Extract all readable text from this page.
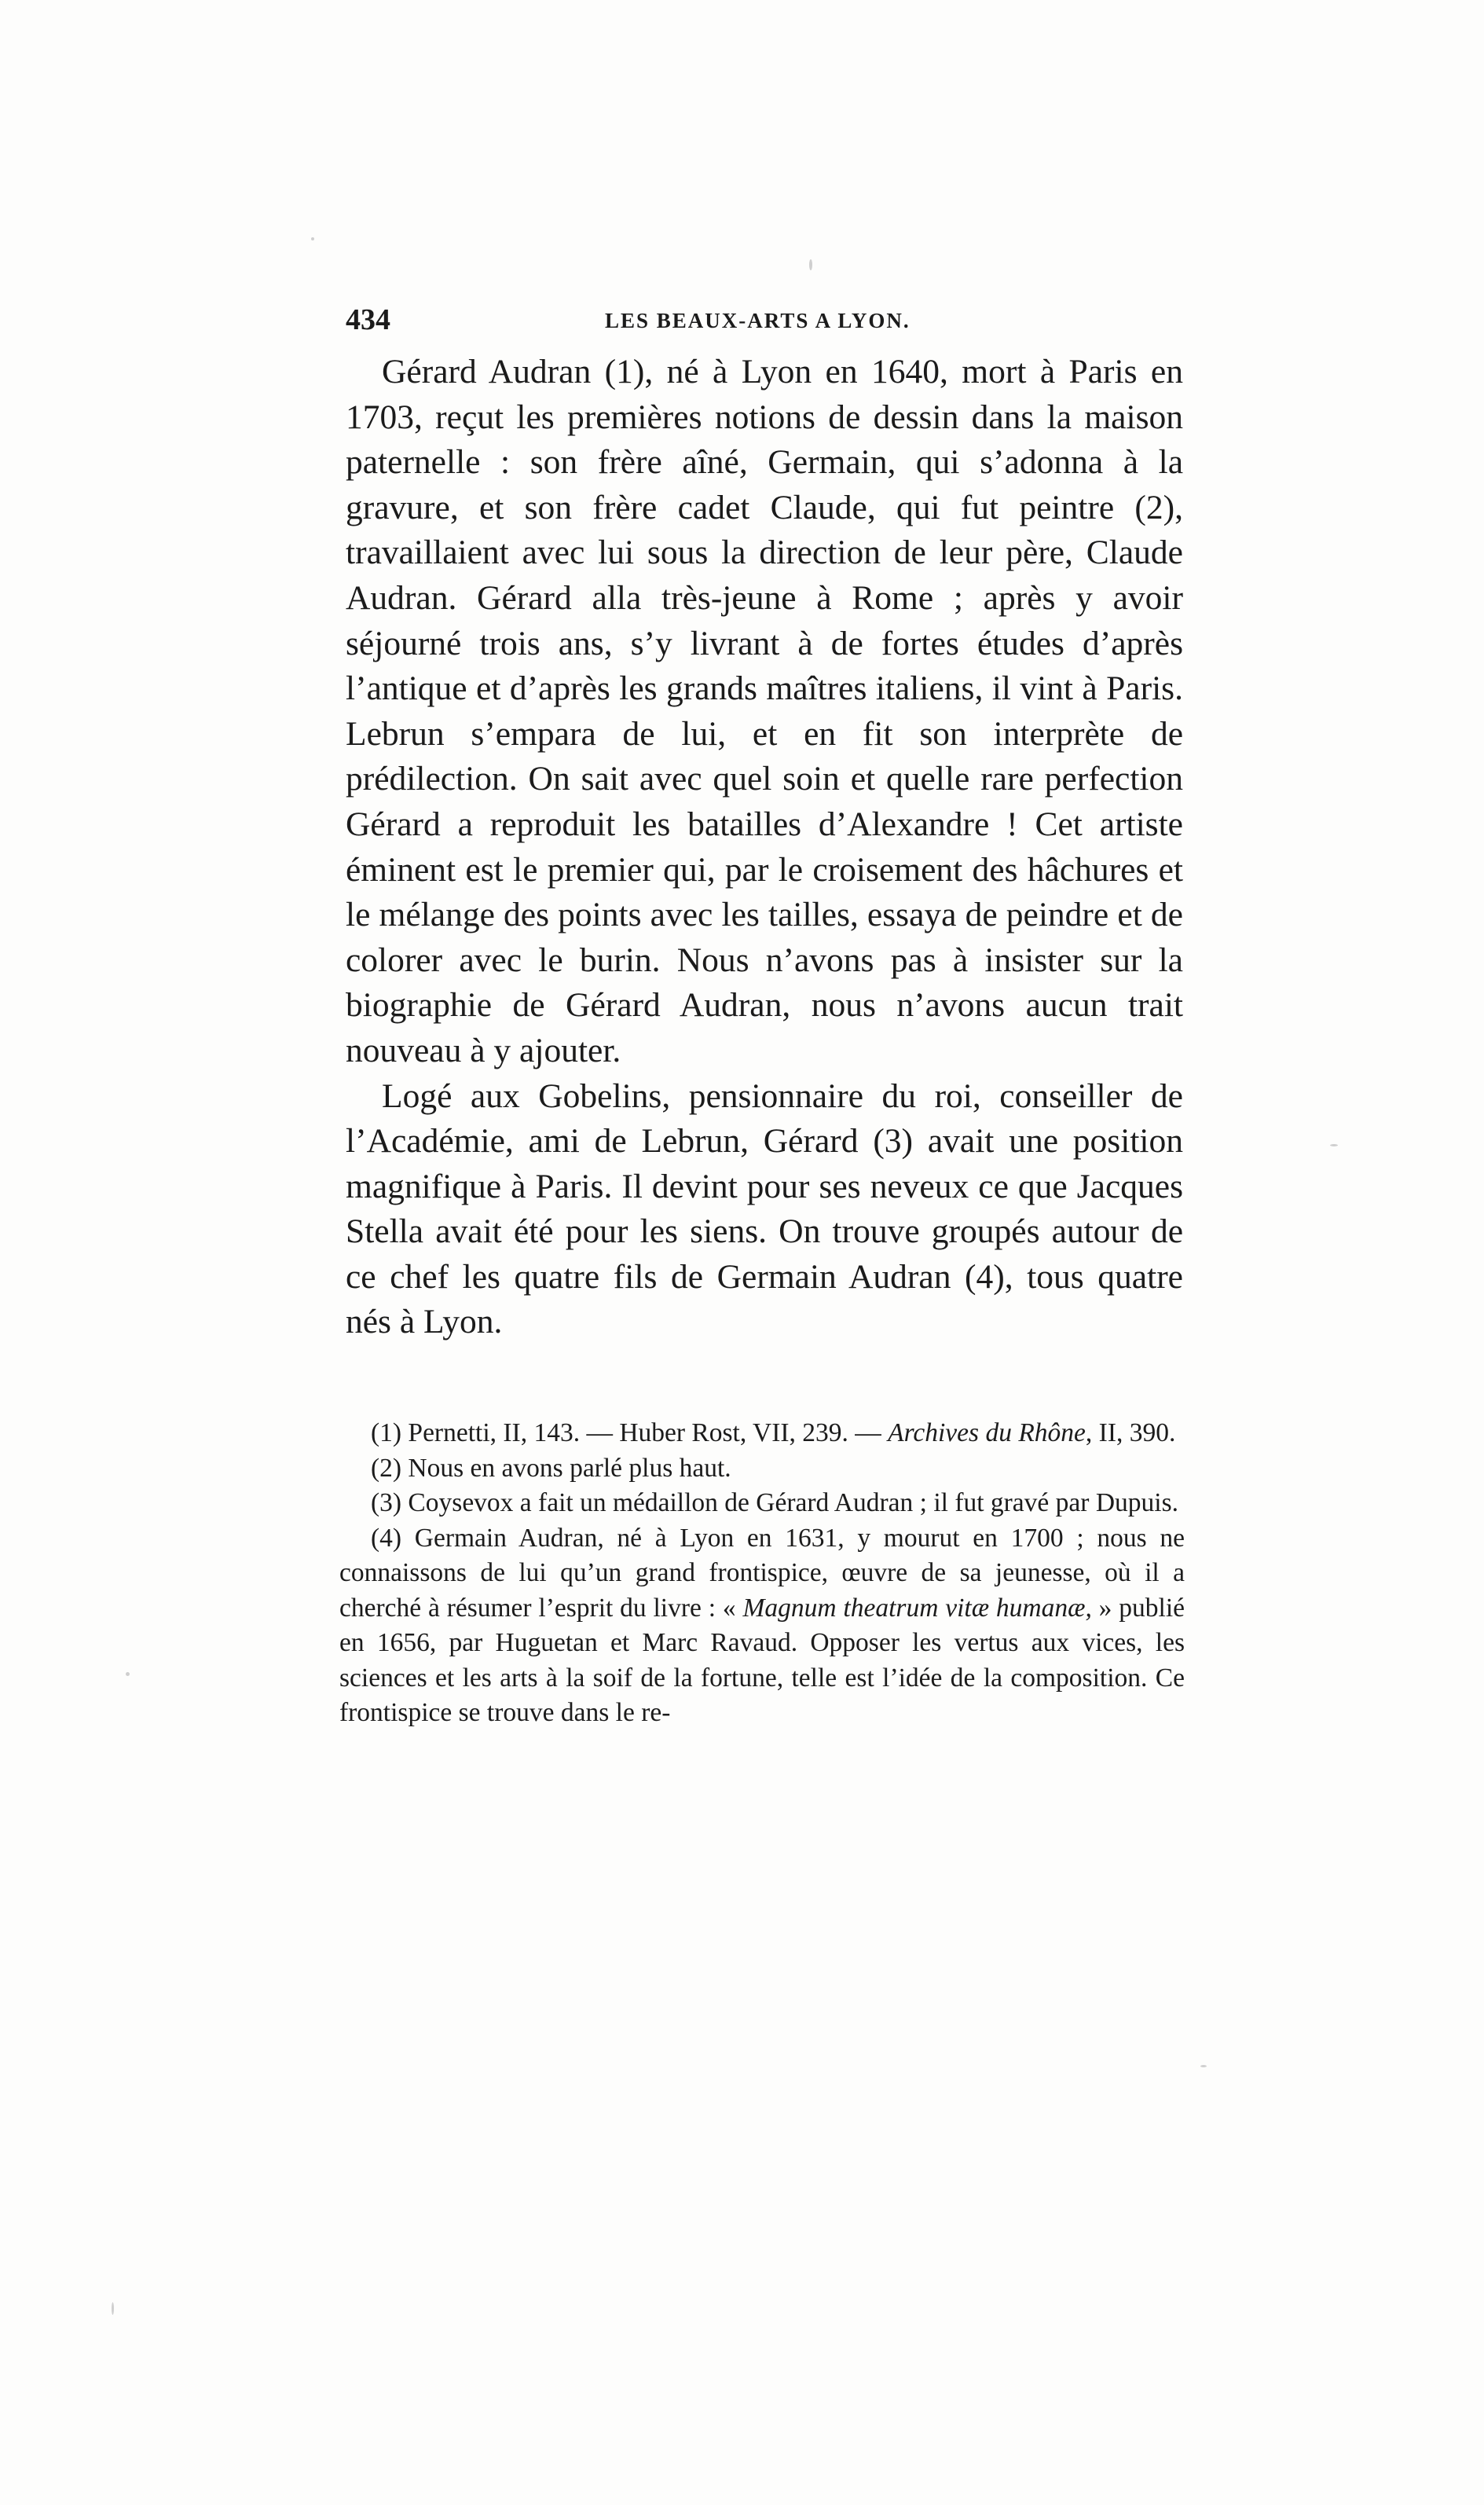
434	LES BEAUX-ARTS A LYON.

Gérard Audran (1), né à Lyon en 1640, mort à Paris en 1703, reçut les premières notions de dessin dans la maison paternelle : son frère aîné, Germain, qui s’adonna à la gravure, et son frère cadet Claude, qui fut peintre (2), travaillaient avec lui sous la direction de leur père, Claude Audran. Gérard alla très-jeune à Rome ; après y avoir séjourné trois ans, s’y livrant à de fortes études d’après l’antique et d’après les grands maîtres italiens, il vint à Paris. Lebrun s’empara de lui, et en fit son interprète de prédilection. On sait avec quel soin et quelle rare perfection Gérard a reproduit les batailles d’Alexandre ! Cet artiste éminent est le premier qui, par le croisement des hâchures et le mélange des points avec les tailles, essaya de peindre et de colorer avec le burin. Nous n’avons pas à insister sur la biographie de Gérard Audran, nous n’avons aucun trait nouveau à y ajouter.

Logé aux Gobelins, pensionnaire du roi, conseiller de l’Académie, ami de Lebrun, Gérard (3) avait une position magnifique à Paris. Il devint pour ses neveux ce que Jacques Stella avait été pour les siens. On trouve groupés autour de ce chef les quatre fils de Germain Audran (4), tous quatre nés à Lyon.

(1) Pernetti, II, 143. — Huber Rost, VII, 239. — Archives du Rhône, II, 390.

(2) Nous en avons parlé plus haut.

(3) Coysevox a fait un médaillon de Gérard Audran ; il fut gravé par Dupuis.

(4) Germain Audran, né à Lyon en 1631, y mourut en 1700 ; nous ne connaissons de lui qu’un grand frontispice, œuvre de sa jeunesse, où il a cherché à résumer l’esprit du livre : « Magnum theatrum vitæ humanæ, » publié en 1656, par Huguetan et Marc Ravaud. Opposer les vertus aux vices, les sciences et les arts à la soif de la fortune, telle est l’idée de la composition. Ce frontispice se trouve dans le re-
